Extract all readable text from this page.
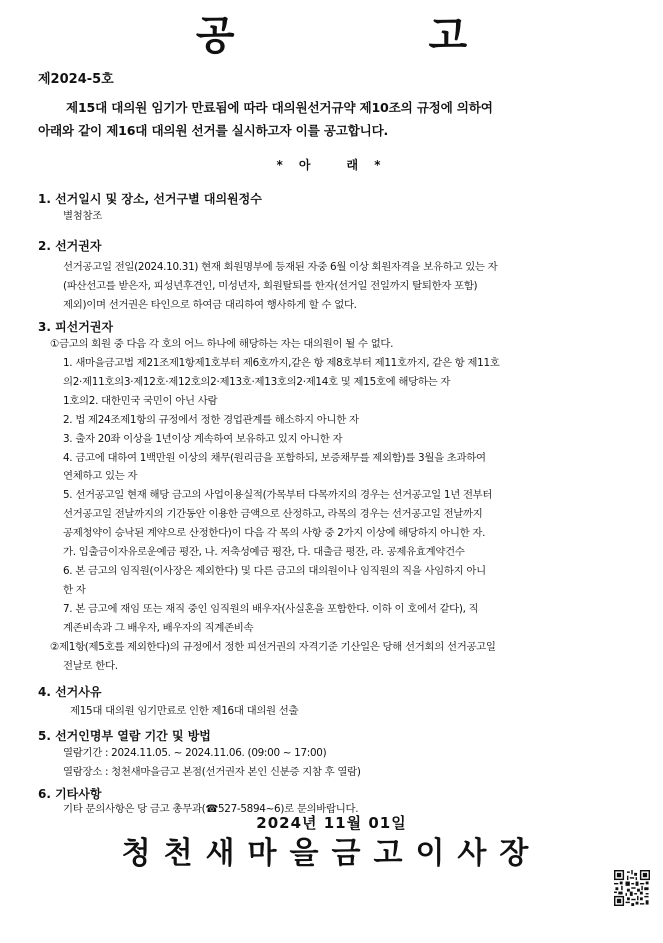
공 고
제2024-5호
제15대 대의원 임기가 만료됨에 따라 대의원선거규약 제10조의 규정에 의하여
아래와 같이 제16대 대의원 선거를 실시하고자 이를 공고합니다.
* 아	래 *
1. 선거일시 및 장소, 선거구별 대의원정수
별첨참조
2. 선거권자
선거공고일 전일(2024.10.31) 현재 회원명부에 등재된 자중 6월 이상 회원자격을 보유하고 있는 자
(파산선고를 받은자, 피성년후견인, 미성년자, 회원탈퇴를 한자(선거일 전일까지 탈퇴한자 포함)
제외)이며 선거권은 타인으로 하여금 대리하여 행사하게 할 수 없다.
3. 피선거권자
①금고의 회원 중 다음 각 호의 어느 하나에 해당하는 자는 대의원이 될 수 없다.
1. 새마을금고법 제21조제1항제1호부터 제6호까지,같은 항 제8호부터 제11호까지, 같은 항 제11호
의2·제11호의3·제12호·제12호의2·제13호·제13호의2·제14호 및 제15호에 해당하는 자
1호의2. 대한민국 국민이 아닌 사람
2. 법 제24조제1항의 규정에서 정한 경업관계를 해소하지 아니한 자
3. 출자 20좌 이상을 1년이상 계속하여 보유하고 있지 아니한 자
4. 금고에 대하여 1백만원 이상의 채무(원리금을 포함하되, 보증채무를 제외함)를 3월을 초과하여
연체하고 있는 자
5. 선거공고일 현재 해당 금고의 사업이용실적(가목부터 다목까지의 경우는 선거공고일 1년 전부터
선거공고일 전날까지의 기간동안 이용한 금액으로 산정하고, 라목의 경우는 선거공고일 전날까지
공제청약이 승낙된 계약으로 산정한다)이 다음 각 목의 사항 중 2가지 이상에 해당하지 아니한 자.
가. 입출금이자유로운예금 평잔, 나. 저축성예금 평잔, 다. 대출금 평잔, 라. 공제유효계약건수
6. 본 금고의 임직원(이사장은 제외한다) 및 다른 금고의 대의원이나 임직원의 직을 사임하지 아니
한 자
7. 본 금고에 재임 또는 재직 중인 임직원의 배우자(사실혼을 포함한다. 이하 이 호에서 같다), 직
계존비속과 그 배우자, 배우자의 직계존비속
②제1항(제5호를 제외한다)의 규정에서 정한 피선거권의 자격기준 기산일은 당해 선거회의 선거공고일
전날로 한다.
4. 선거사유
제15대 대의원 임기만료로 인한 제16대 대의원 선출
5. 선거인명부 열람 기간 및 방법
열람기간 : 2024.11.05. ~ 2024.11.06. (09:00 ~ 17:00)
열람장소 : 청천새마을금고 본점(선거권자 본인 신분증 지참 후 열람)
6. 기타사항
기타 문의사항은 당 금고 총무과(☎527-5894~6)로 문의바랍니다.
2024년 11월 01일
청천새마을금고이사장
